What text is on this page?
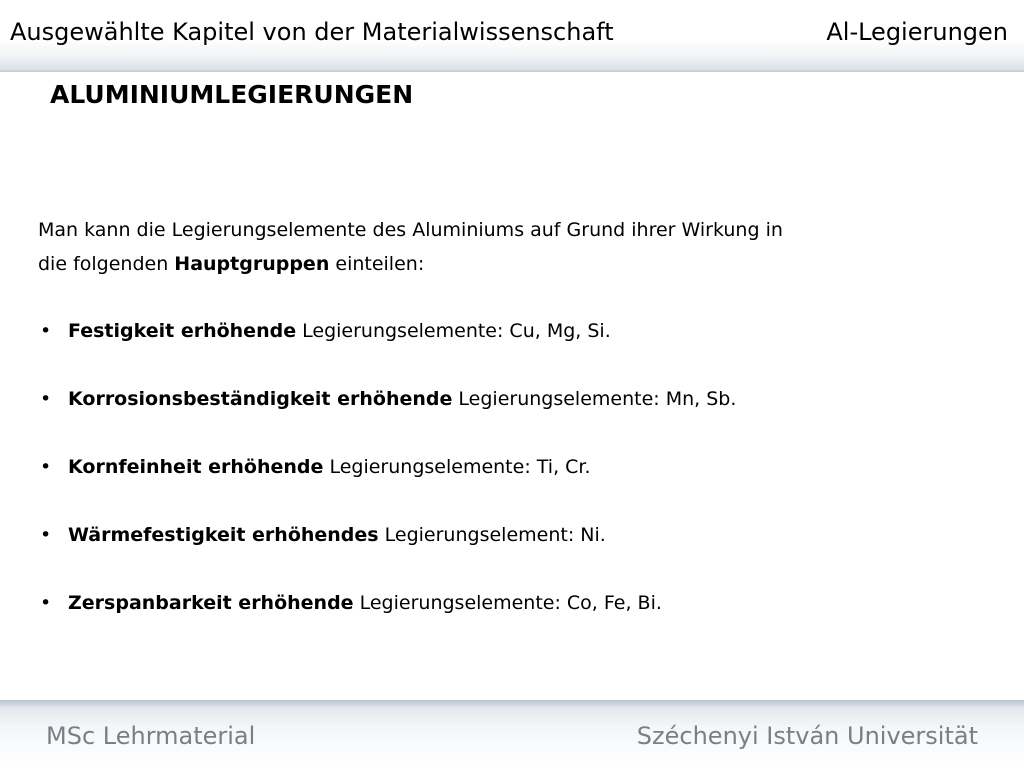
Ausgewählte Kapitel von der Materialwissenschaft	Al-Legierungen
ALUMINIUMLEGIERUNGEN
Man kann die Legierungselemente des Aluminiums auf Grund ihrer Wirkung in
die folgenden Hauptgruppen einteilen:
• Festigkeit erhöhende Legierungselemente: Cu, Mg, Si.
• Korrosionsbeständigkeit erhöhende Legierungselemente: Mn, Sb.
• Kornfeinheit erhöhende Legierungselemente: Ti, Cr.
• Wärmefestigkeit erhöhendes Legierungselement: Ni.
• Zerspanbarkeit erhöhende Legierungselemente: Co, Fe, Bi.
MSc Lehrmaterial	Széchenyi István Universität
